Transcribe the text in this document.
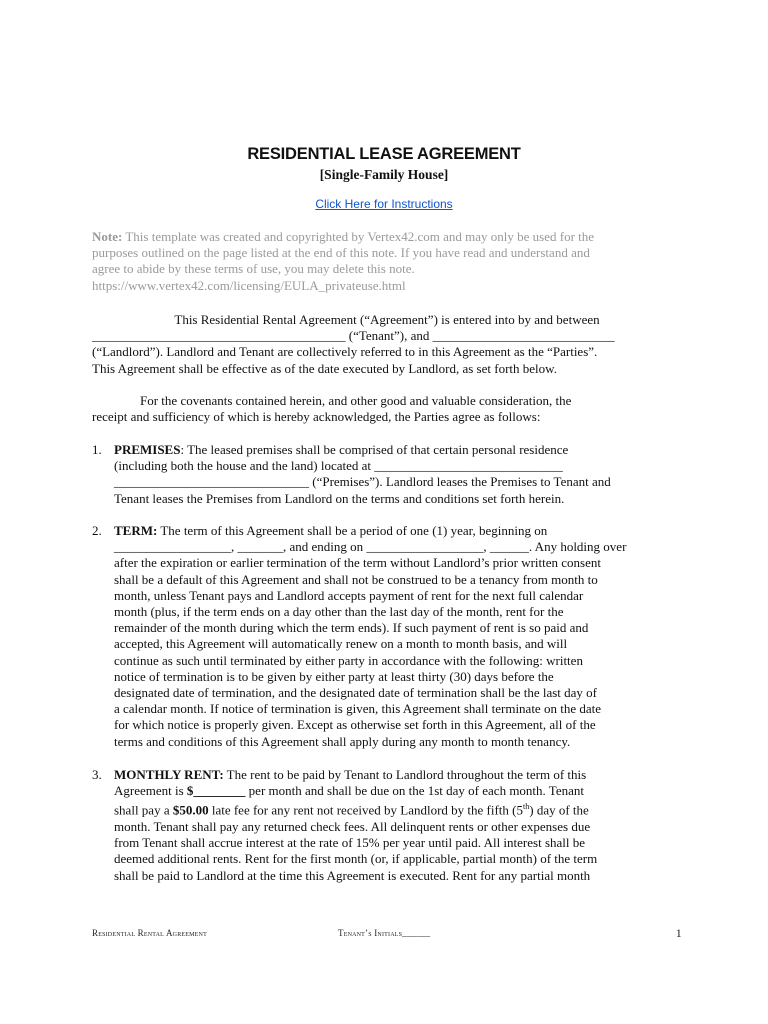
RESIDENTIAL LEASE AGREEMENT
[Single-Family House]
Click Here for Instructions
Note: This template was created and copyrighted by Vertex42.com and may only be used for the
purposes outlined on the page listed at the end of this note. If you have read and understand and
agree to abide by these terms of use, you may delete this note.
https://www.vertex42.com/licensing/EULA_privateuse.html
This Residential Rental Agreement (“Agreement”) is entered into by and between
_______________________________________ (“Tenant”), and ____________________________
(“Landlord”). Landlord and Tenant are collectively referred to in this Agreement as the “Parties”.
This Agreement shall be effective as of the date executed by Landlord, as set forth below.
For the covenants contained herein, and other good and valuable consideration, the
receipt and sufficiency of which is hereby acknowledged, the Parties agree as follows:
1. PREMISES: The leased premises shall be comprised of that certain personal residence
(including both the house and the land) located at _____________________________
______________________________ (“Premises”). Landlord leases the Premises to Tenant and
Tenant leases the Premises from Landlord on the terms and conditions set forth herein.
2. TERM: The term of this Agreement shall be a period of one (1) year, beginning on
__________________, _______, and ending on __________________, ______. Any holding over
after the expiration or earlier termination of the term without Landlord’s prior written consent
shall be a default of this Agreement and shall not be construed to be a tenancy from month to
month, unless Tenant pays and Landlord accepts payment of rent for the next full calendar
month (plus, if the term ends on a day other than the last day of the month, rent for the
remainder of the month during which the term ends). If such payment of rent is so paid and
accepted, this Agreement will automatically renew on a month to month basis, and will
continue as such until terminated by either party in accordance with the following: written
notice of termination is to be given by either party at least thirty (30) days before the
designated date of termination, and the designated date of termination shall be the last day of
a calendar month. If notice of termination is given, this Agreement shall terminate on the date
for which notice is properly given. Except as otherwise set forth in this Agreement, all of the
terms and conditions of this Agreement shall apply during any month to month tenancy.
3. MONTHLY RENT: The rent to be paid by Tenant to Landlord throughout the term of this
Agreement is $________ per month and shall be due on the 1st day of each month. Tenant
shall pay a $50.00 late fee for any rent not received by Landlord by the fifth (5th) day of the
month. Tenant shall pay any returned check fees. All delinquent rents or other expenses due
from Tenant shall accrue interest at the rate of 15% per year until paid. All interest shall be
deemed additional rents. Rent for the first month (or, if applicable, partial month) of the term
shall be paid to Landlord at the time this Agreement is executed. Rent for any partial month
Residential Rental Agreement	Tenant’s Initials______	1
